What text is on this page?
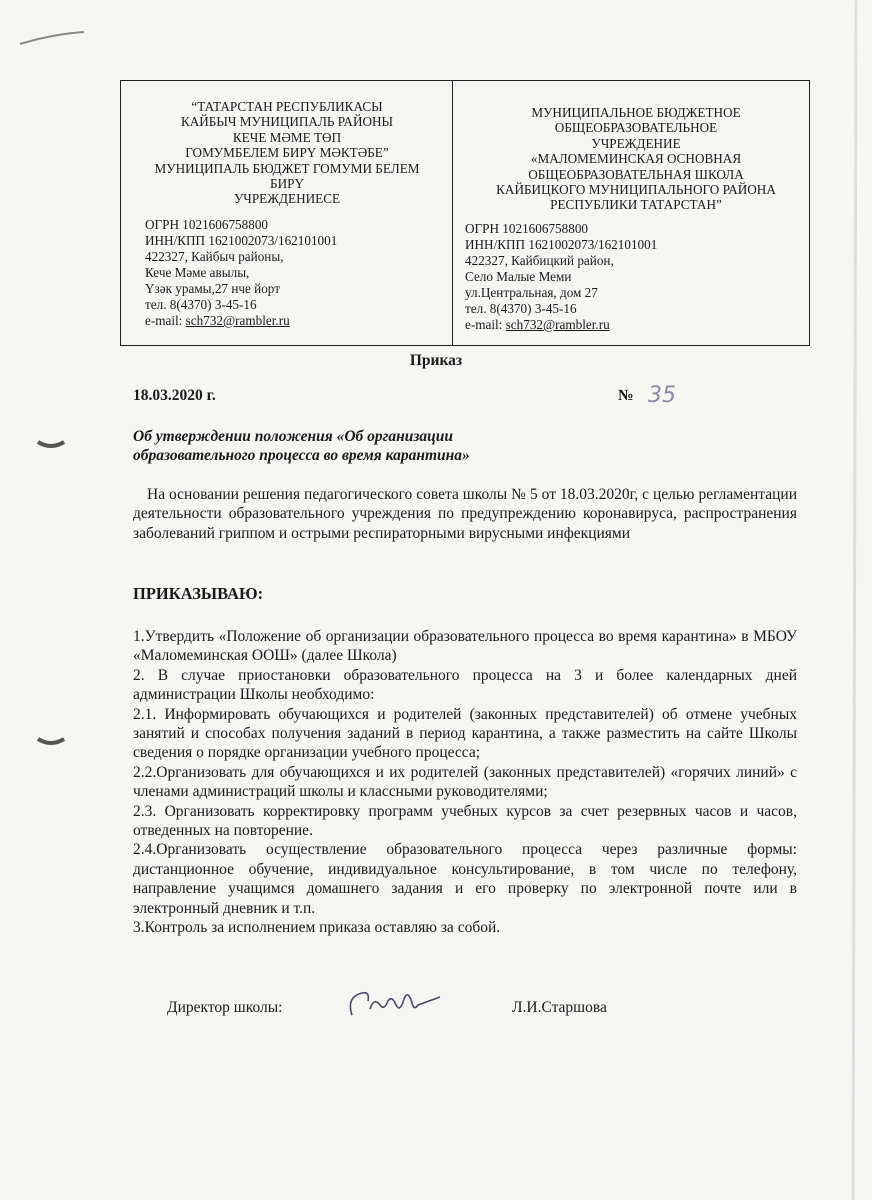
“ТАТАРСТАН РЕСПУБЛИКАСЫ
КАЙБЫЧ МУНИЦИПАЛЬ РАЙОНЫ
КЕЧЕ МӘМЕ ТӨП
ГОМУМБЕЛЕМ БИРҮ МӘКТӘБЕ”
МУНИЦИПАЛЬ БЮДЖЕТ ГОМУМИ БЕЛЕМ
БИРҮ
УЧРЕЖДЕНИЕСЕ
ОГРН 1021606758800
ИНН/КПП 1621002073/162101001
422327, Кайбыч районы,
Кече Мәме авылы,
Үзәк урамы,27 нче йорт
тел. 8(4370) 3-45-16
e-mail: sch732@rambler.ru
МУНИЦИПАЛЬНОЕ БЮДЖЕТНОЕ
ОБЩЕОБРАЗОВАТЕЛЬНОЕ
УЧРЕЖДЕНИЕ
«МАЛОМЕМИНСКАЯ ОСНОВНАЯ
ОБЩЕОБРАЗОВАТЕЛЬНАЯ ШКОЛА
КАЙБИЦКОГО МУНИЦИПАЛЬНОГО РАЙОНА
РЕСПУБЛИКИ ТАТАРСТАН”
ОГРН 1021606758800
ИНН/КПП 1621002073/162101001
422327, Кайбицкий район,
Село Малые Меми
ул.Центральная, дом 27
тел. 8(4370) 3-45-16
e-mail: sch732@rambler.ru
Приказ
18.03.2020 г.	№ 35
Об утверждении положения «Об организации
образовательного процесса во время карантина»
На основании решения педагогического совета школы № 5 от 18.03.2020г, с целью регламентации деятельности образовательного учреждения по предупреждению коронавируса, распространения заболеваний гриппом и острыми респираторными вирусными инфекциями
ПРИКАЗЫВАЮ:
1.Утвердить «Положение об организации образовательного процесса во время карантина» в МБОУ «Маломеминская ООШ» (далее Школа)
2. В случае приостановки образовательного процесса на 3 и более календарных дней администрации Школы необходимо:
2.1. Информировать обучающихся и родителей (законных представителей) об отмене учебных занятий и способах получения заданий в период карантина, а также разместить на сайте Школы сведения о порядке организации учебного процесса;
2.2.Организовать для обучающихся и их родителей (законных представителей) «горячих линий» с членами администраций школы и классными руководителями;
2.3. Организовать корректировку программ учебных курсов за счет резервных часов и часов, отведенных на повторение.
2.4.Организовать осуществление образовательного процесса через различные формы: дистанционное обучение, индивидуальное консультирование, в том числе по телефону, направление учащимся домашнего задания и его проверку по электронной почте или в электронный дневник и т.п.
3.Контроль за исполнением приказа оставляю за собой.
Директор школы:	Л.И.Старшова
